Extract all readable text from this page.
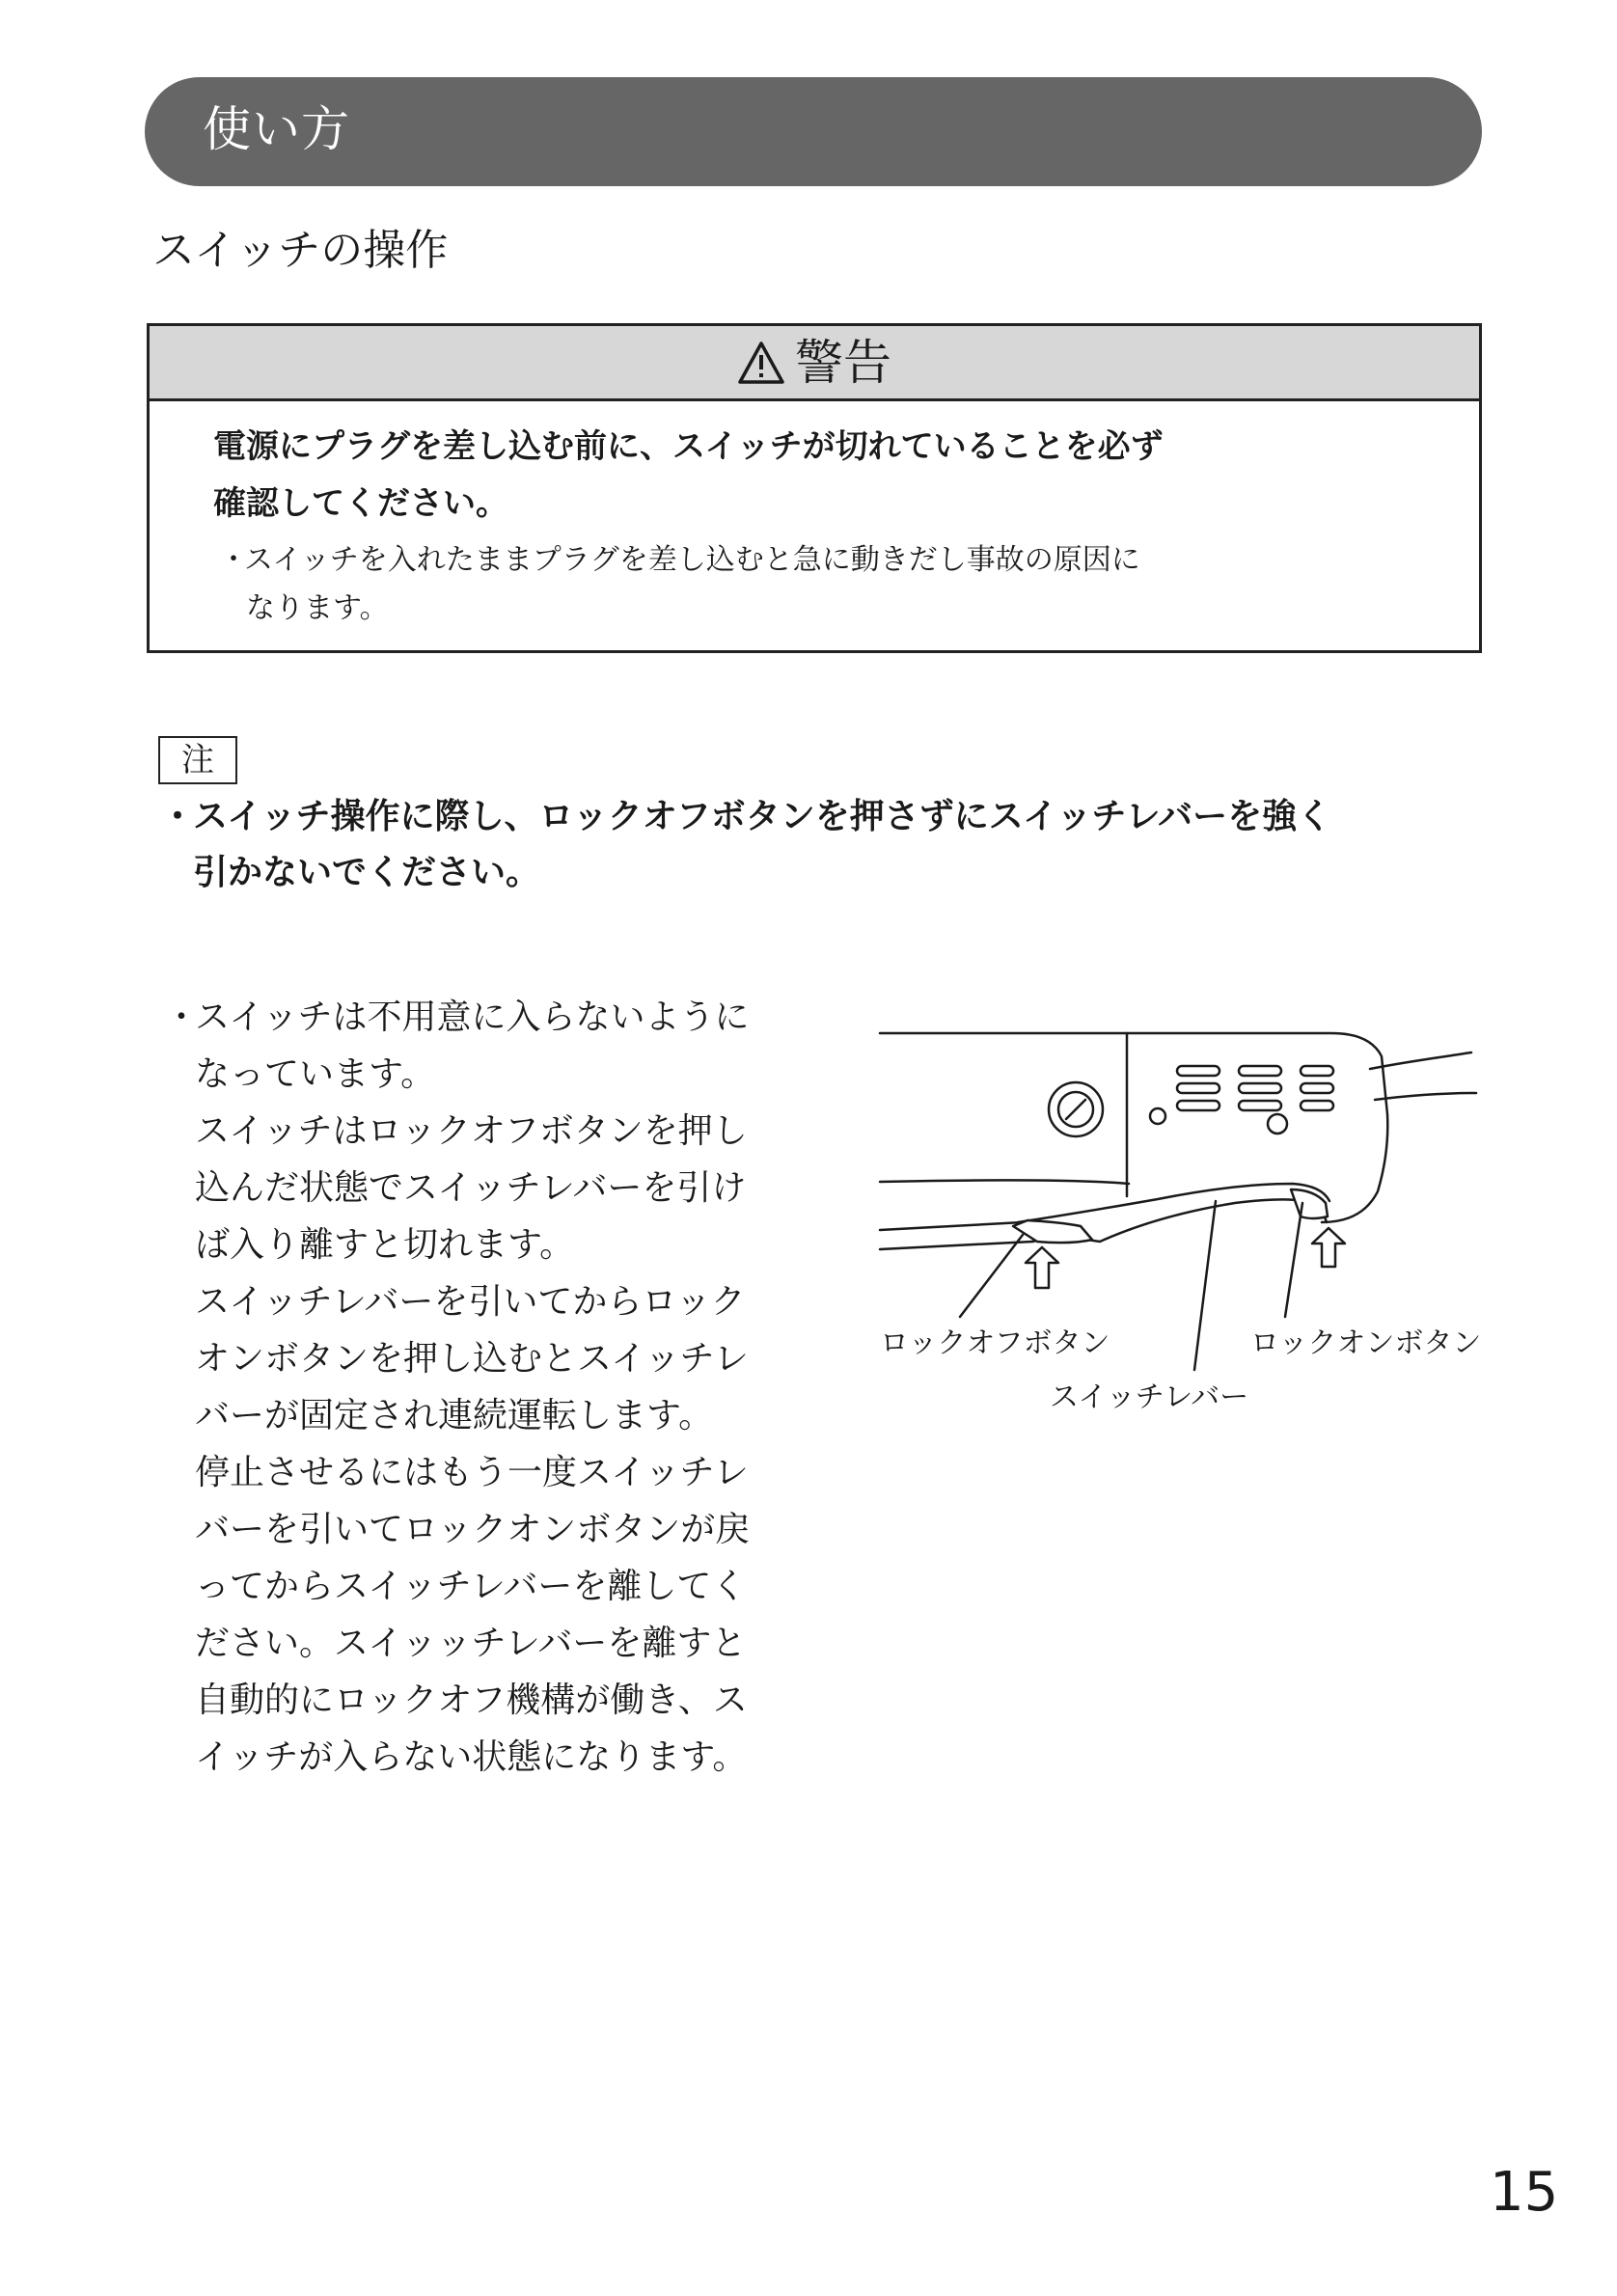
使い方
スイッチの操作
警告
電源にプラグを差し込む前に、スイッチが切れていることを必ず
確認してください。
・スイッチを入れたままプラグを差し込むと急に動きだし事故の原因に
なります。
注
・スイッチ操作に際し、ロックオフボタンを押さずにスイッチレバーを強く
引かないでください。
・スイッチは不用意に入らないように
なっています。
スイッチはロックオフボタンを押し
込んだ状態でスイッチレバーを引け
ば入り離すと切れます。
スイッチレバーを引いてからロック
オンボタンを押し込むとスイッチレ
バーが固定され連続運転します。
停止させるにはもう一度スイッチレ
バーを引いてロックオンボタンが戻
ってからスイッチレバーを離してく
ださい。スイッッチレバーを離すと
自動的にロックオフ機構が働き、ス
イッチが入らない状態になります。
ロックオフボタン	ロックオンボタン
スイッチレバー
15
